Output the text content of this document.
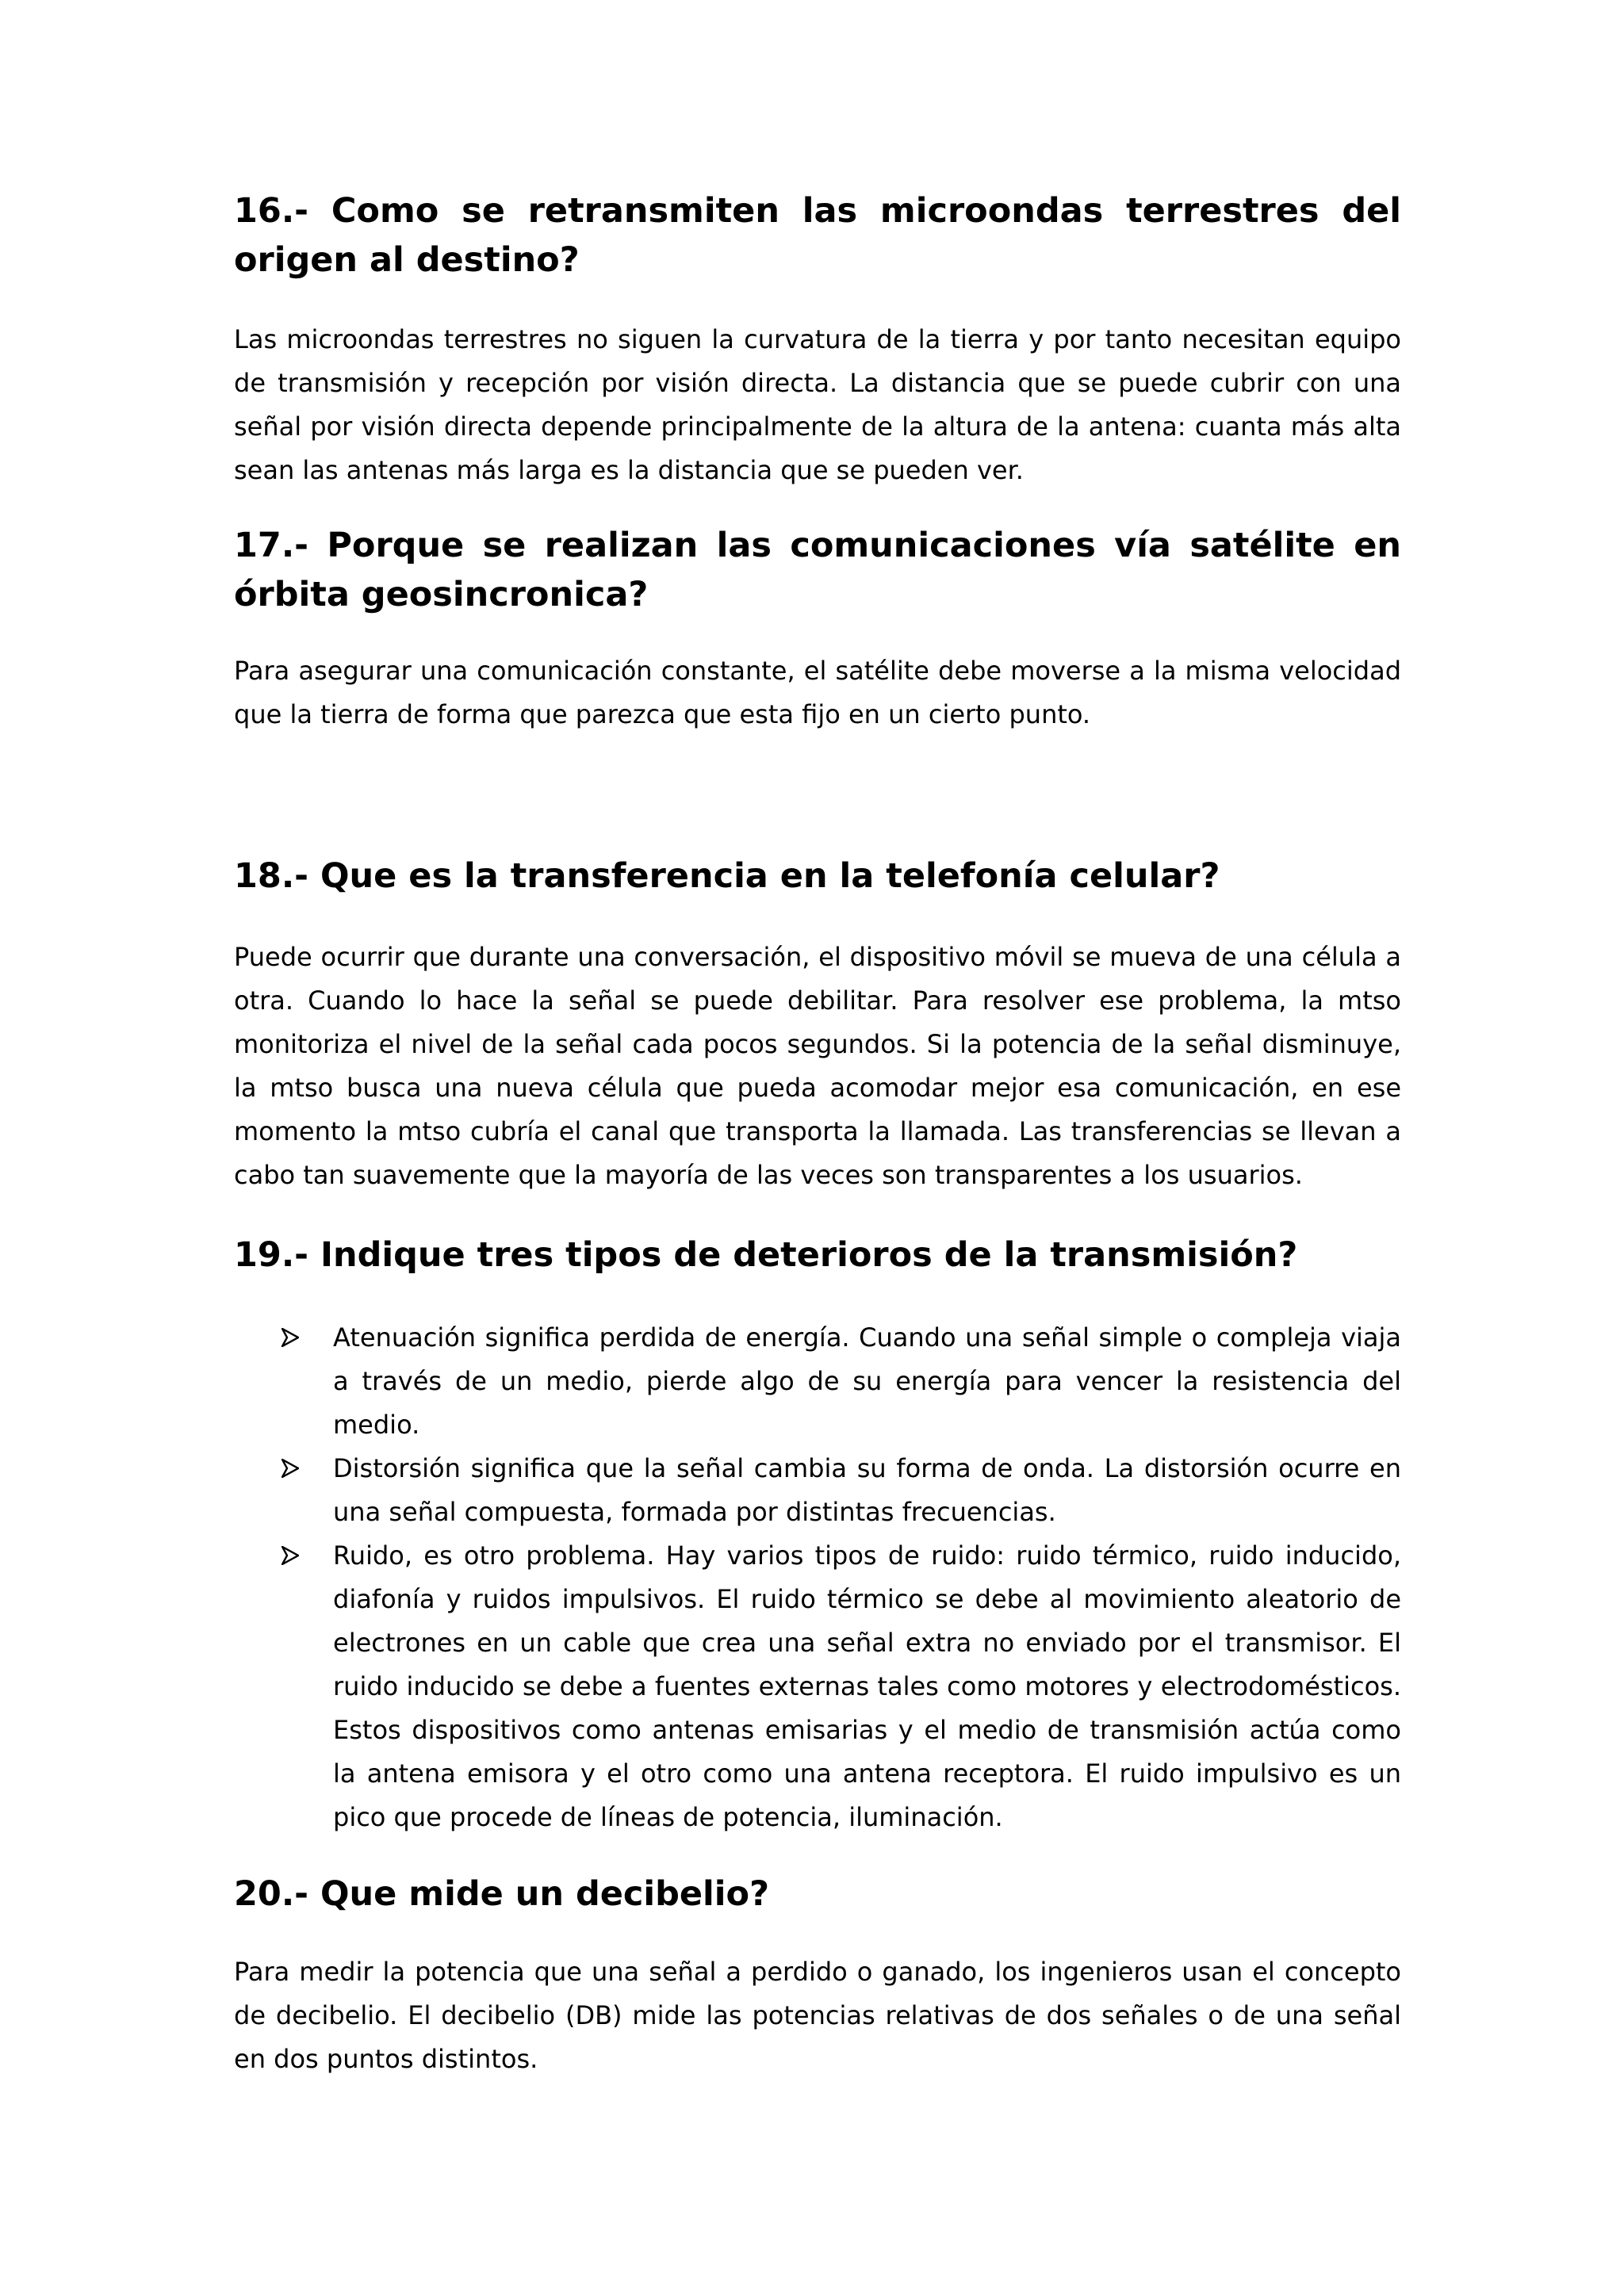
16.- Como se retransmiten las microondas terrestres del origen al destino?

Las microondas terrestres no siguen la curvatura de la tierra y por tanto necesitan equipo de transmisión y recepción por visión directa. La distancia que se puede cubrir con una señal por visión directa depende principalmente de la altura de la antena: cuanta más alta sean las antenas más larga es la distancia que se pueden ver.

17.- Porque se realizan las comunicaciones vía satélite en órbita geosincronica?

Para asegurar una comunicación constante, el satélite debe moverse a la misma velocidad que la tierra de forma que parezca que esta fijo en un cierto punto.

18.- Que es la transferencia en la telefonía celular?

Puede ocurrir que durante una conversación, el dispositivo móvil se mueva de una célula a otra. Cuando lo hace la señal se puede debilitar. Para resolver ese problema, la mtso monitoriza el nivel de la señal cada pocos segundos. Si la potencia de la señal disminuye, la mtso busca una nueva célula que pueda acomodar mejor esa comunicación, en ese momento la mtso cubría el canal que transporta la llamada. Las transferencias se llevan a cabo tan suavemente que la mayoría de las veces son transparentes a los usuarios.

19.- Indique tres tipos de deterioros de la transmisión?
Atenuación significa perdida de energía. Cuando una señal simple o compleja viaja a través de un medio, pierde algo de su energía para vencer la resistencia del medio.
Distorsión significa que la señal cambia su forma de onda. La distorsión ocurre en una señal compuesta, formada por distintas frecuencias.
Ruido, es otro problema. Hay varios tipos de ruido: ruido térmico, ruido inducido, diafonía y ruidos impulsivos. El ruido térmico se debe al movimiento aleatorio de electrones en un cable que crea una señal extra no enviado por el transmisor. El ruido inducido se debe a fuentes externas tales como motores y electrodomésticos. Estos dispositivos como antenas emisarias y el medio de transmisión actúa como la antena emisora y el otro como una antena receptora. El ruido impulsivo es un pico que procede de líneas de potencia, iluminación.
20.- Que mide un decibelio?

Para medir la potencia que una señal a perdido o ganado, los ingenieros usan el concepto de decibelio. El decibelio (DB) mide las potencias relativas de dos señales o de una señal en dos puntos distintos.
